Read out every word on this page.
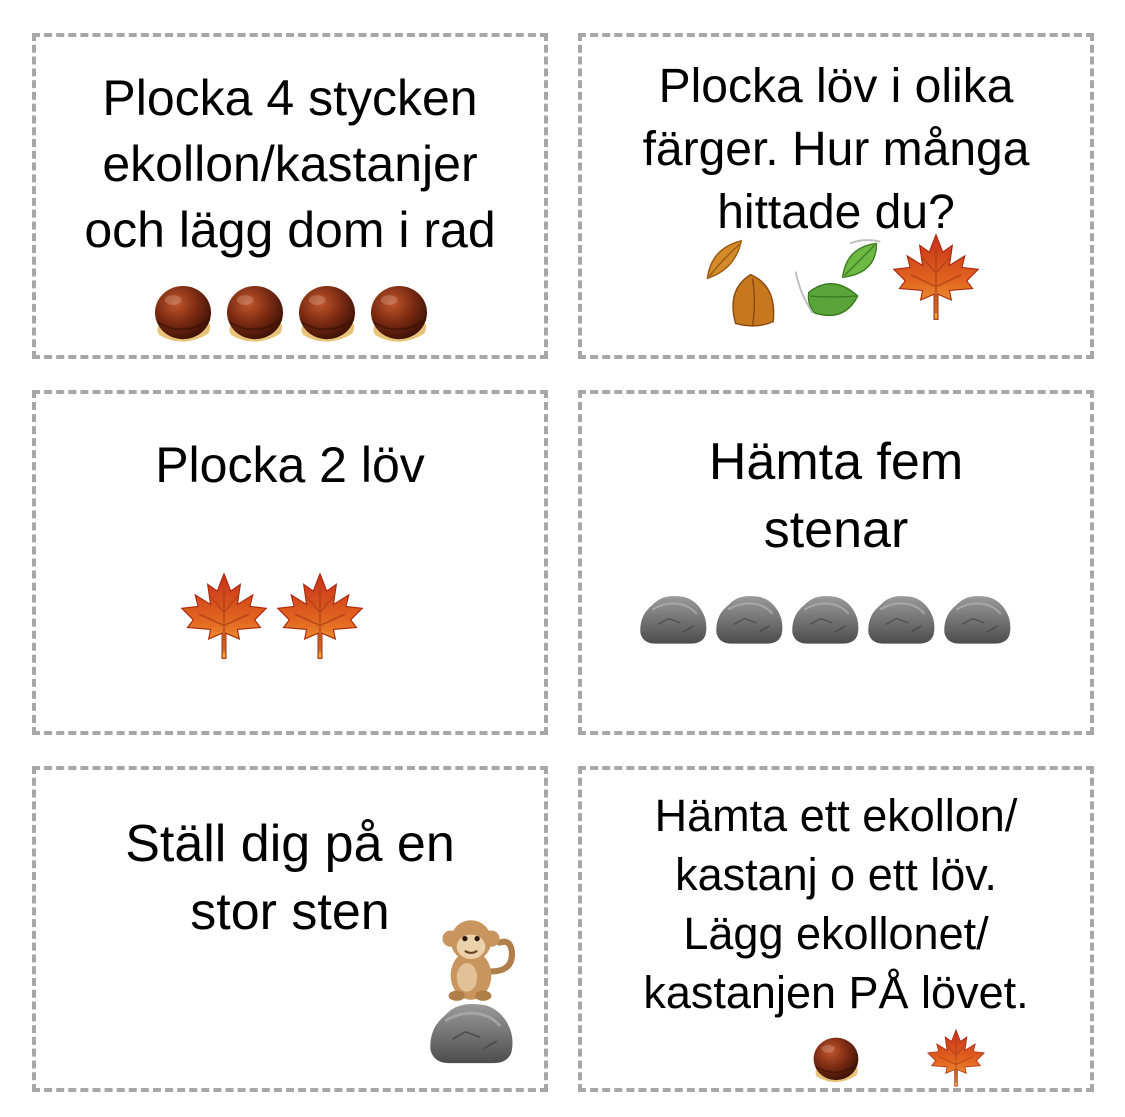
Plocka 4 stycken
ekollon/kastanjer
och lägg dom i rad
Plocka löv i olika
färger. Hur många
hittade du?
Plocka 2 löv	Hämta fem
stenar
Ställ dig på en
stor sten
Hämta ett ekollon/
kastanj o ett löv.
Lägg ekollonet/
kastanjen PÅ lövet.
